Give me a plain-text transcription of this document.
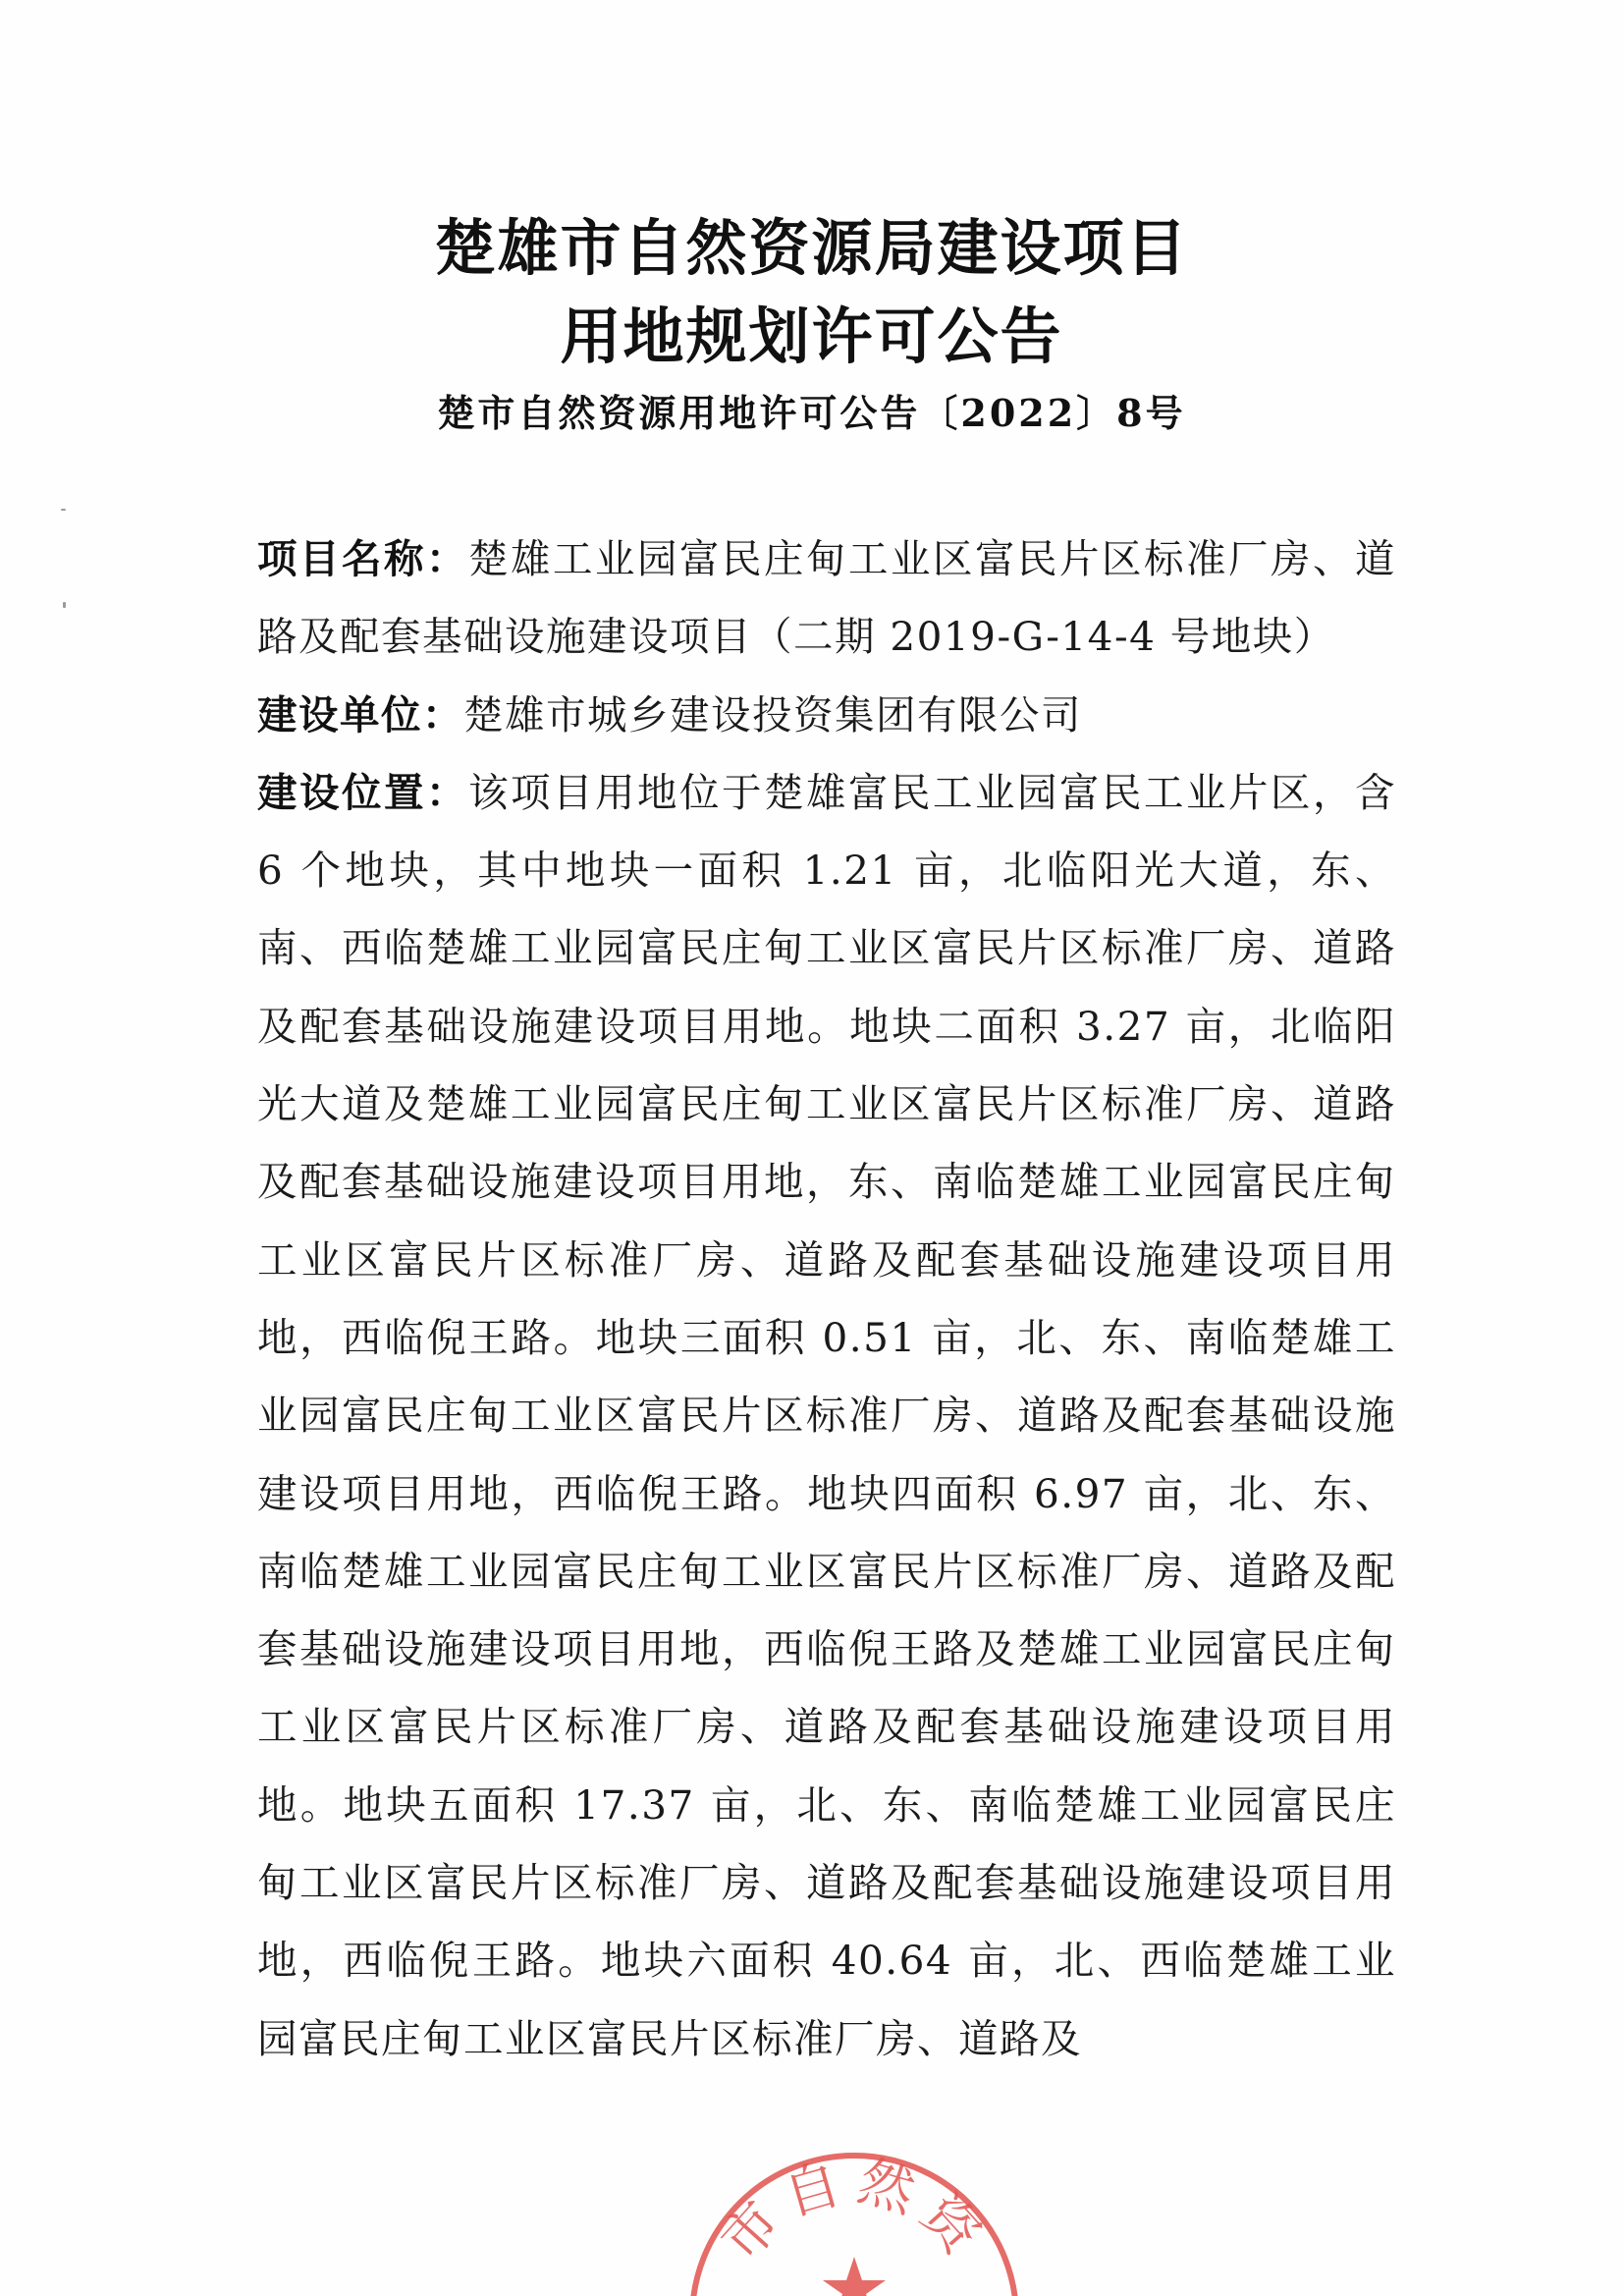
楚雄市自然资源局建设项目
用地规划许可公告
楚市自然资源用地许可公告〔2022〕8号

项目名称：楚雄工业园富民庄甸工业区富民片区标准厂房、道路及配套基础设施建设项目（二期 2019-G-14-4 号地块）

建设单位：楚雄市城乡建设投资集团有限公司

建设位置：该项目用地位于楚雄富民工业园富民工业片区，含 6 个地块，其中地块一面积 1.21 亩，北临阳光大道，东、南、西临楚雄工业园富民庄甸工业区富民片区标准厂房、道路及配套基础设施建设项目用地。地块二面积 3.27 亩，北临阳光大道及楚雄工业园富民庄甸工业区富民片区标准厂房、道路及配套基础设施建设项目用地，东、南临楚雄工业园富民庄甸工业区富民片区标准厂房、道路及配套基础设施建设项目用地，西临倪王路。地块三面积 0.51 亩，北、东、南临楚雄工业园富民庄甸工业区富民片区标准厂房、道路及配套基础设施建设项目用地，西临倪王路。地块四面积 6.97 亩，北、东、南临楚雄工业园富民庄甸工业区富民片区标准厂房、道路及配套基础设施建设项目用地，西临倪王路及楚雄工业园富民庄甸工业区富民片区标准厂房、道路及配套基础设施建设项目用地。地块五面积 17.37 亩，北、东、南临楚雄工业园富民庄甸工业区富民片区标准厂房、道路及配套基础设施建设项目用地，西临倪王路。地块六面积 40.64 亩，北、西临楚雄工业园富民庄甸工业区富民片区标准厂房、道路及

市自然资
